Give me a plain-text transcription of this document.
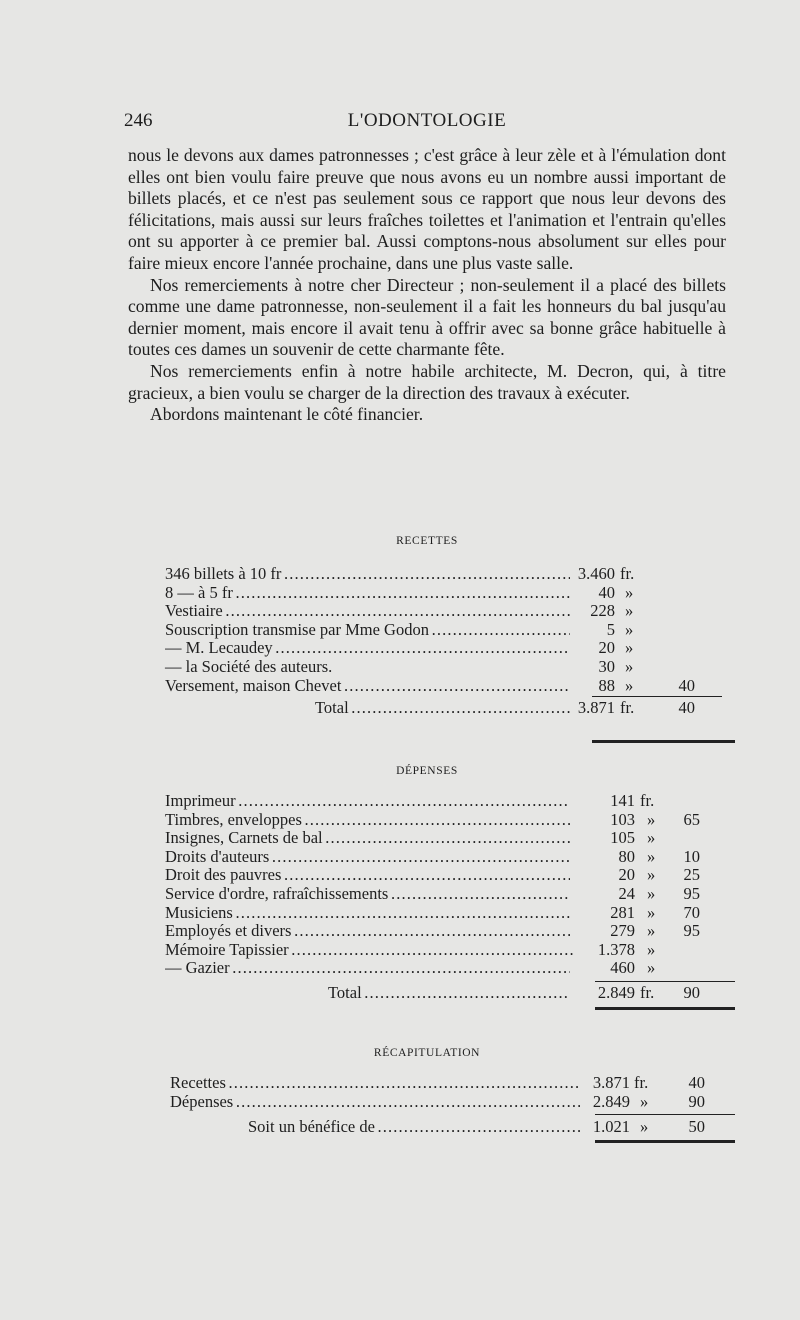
246	L'ODONTOLOGIE

nous le devons aux dames patronnesses ; c'est grâce à leur zèle et à l'émulation dont elles ont bien voulu faire preuve que nous avons eu un nombre aussi important de billets placés, et ce n'est pas seulement sous ce rapport que nous leur devons des félicitations, mais aussi sur leurs fraîches toilettes et l'animation et l'entrain qu'elles ont su apporter à ce premier bal. Aussi comptons-nous absolument sur elles pour faire mieux encore l'année prochaine, dans une plus vaste salle.

Nos remerciements à notre cher Directeur ; non-seulement il a placé des billets comme une dame patronnesse, non-seulement il a fait les honneurs du bal jusqu'au dernier moment, mais encore il avait tenu à offrir avec sa bonne grâce habituelle à toutes ces dames un souvenir de cette charmante fête.

Nos remerciements enfin à notre habile architecte, M. Decron, qui, à titre gracieux, a bien voulu se charger de la direction des travaux à exécuter.

Abordons maintenant le côté financier.

RECETTES
346 billets à 10 fr . . .	3.460 fr.
8 — à 5 fr . . .	40 »
Vestiaire . . .	228 »
Souscription transmise par Mme Godon . . .	5 »
— M. Lecaudey . . .	20 »
— la Société des auteurs.	30 »
Versement, maison Chevet . . .	88 »	40
Total . . .	3.871 fr.	40
DÉPENSES
Imprimeur . . .	141 fr.
Timbres, enveloppes . . .	103 » 65
Insignes, Carnets de bal . . .	105 »
Droits d'auteurs . . .	80 » 10
Droit des pauvres . . .	20 » 25
Service d'ordre, rafraîchissements . . .	24 » 95
Musiciens . . .	281 » 70
Employés et divers . . .	279 » 95
Mémoire Tapissier . . .	1.378 »
— Gazier . . .	460 »
Total . . .	2.849 fr. 90
RÉCAPITULATION
Recettes . . .	3.871 fr. 40
Dépenses . . .	2.849 » 90
Soit un bénéfice de . . .	1.021 » 50
